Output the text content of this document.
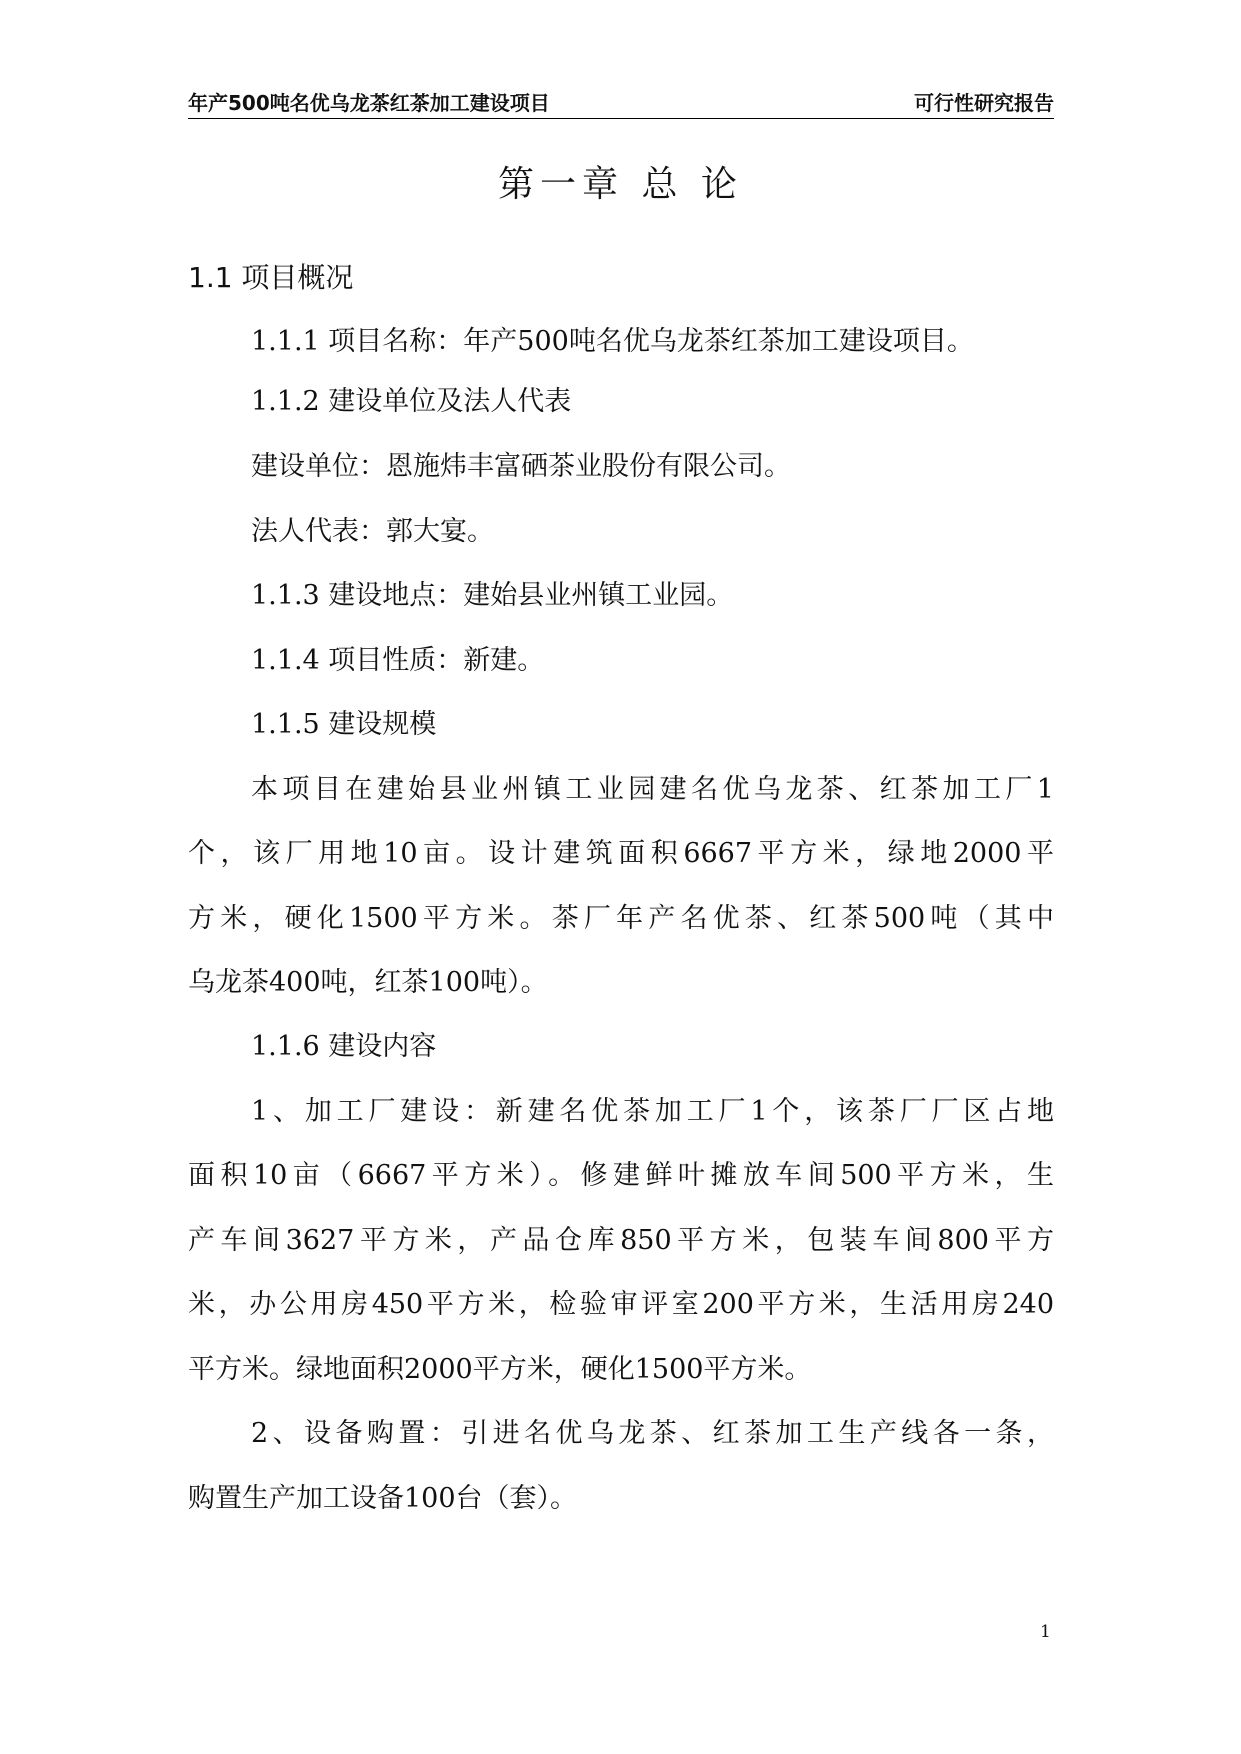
年产500吨名优乌龙茶红茶加工建设项目	可行性研究报告
第一章 总 论
1.1 项目概况
1.1.1 项目名称：年产500吨名优乌龙茶红茶加工建设项目。
1.1.2 建设单位及法人代表
建设单位：恩施炜丰富硒茶业股份有限公司。
法人代表：郭大宴。
1.1.3 建设地点：建始县业州镇工业园。
1.1.4 项目性质：新建。
1.1.5 建设规模
本项目在建始县业州镇工业园建名优乌龙茶、红茶加工厂1
个，该厂用地10亩。设计建筑面积6667平方米，绿地2000平
方米，硬化1500平方米。茶厂年产名优茶、红茶500吨（其中
乌龙茶400吨，红茶100吨）。
1.1.6 建设内容
1、加工厂建设：新建名优茶加工厂1个，该茶厂厂区占地
面积10亩（6667平方米）。修建鲜叶摊放车间500平方米，生
产车间3627平方米，产品仓库850平方米，包装车间800平方
米，办公用房450平方米，检验审评室200平方米，生活用房240
平方米。绿地面积2000平方米，硬化1500平方米。
2、设备购置：引进名优乌龙茶、红茶加工生产线各一条，
购置生产加工设备100台（套）。
1
